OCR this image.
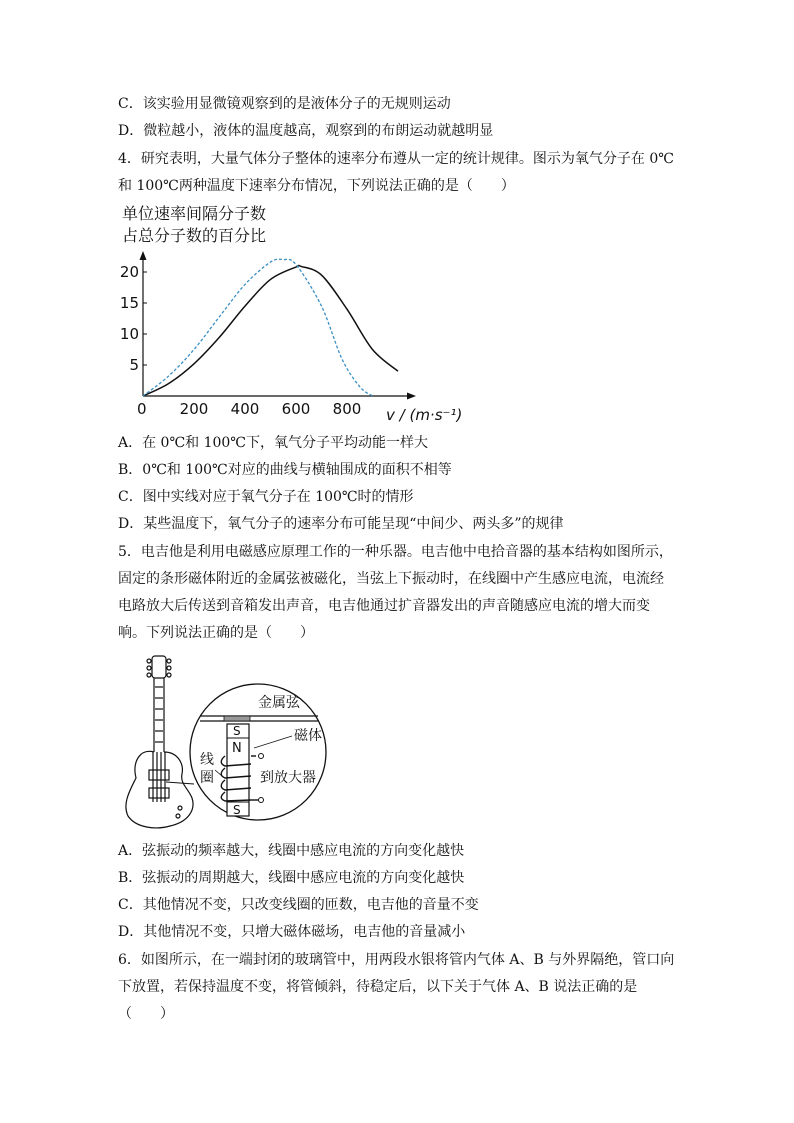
C．该实验用显微镜观察到的是液体分子的无规则运动
D．微粒越小，液体的温度越高，观察到的布朗运动就越明显
4．研究表明，大量气体分子整体的速率分布遵从一定的统计规律。图示为氧气分子在 0℃
和 100℃两种温度下速率分布情况，下列说法正确的是（　　）
单位速率间隔分子数
占总分子数的百分比
0 200 400 600 800
5
10
15
20
v / (m·s⁻¹)
A．在 0℃和 100℃下，氧气分子平均动能一样大
B．0℃和 100℃对应的曲线与横轴围成的面积不相等
C．图中实线对应于氧气分子在 100℃时的情形
D．某些温度下，氧气分子的速率分布可能呈现“中间少、两头多”的规律
5．电吉他是利用电磁感应原理工作的一种乐器。电吉他中电拾音器的基本结构如图所示，
固定的条形磁体附近的金属弦被磁化，当弦上下振动时，在线圈中产生感应电流，电流经
电路放大后传送到音箱发出声音，电吉他通过扩音器发出的声音随感应电流的增大而变
响。下列说法正确的是（　　）
金属弦
S
N
S
磁体
线
圈	到放大器
A．弦振动的频率越大，线圈中感应电流的方向变化越快
B．弦振动的周期越大，线圈中感应电流的方向变化越快
C．其他情况不变，只改变线圈的匝数，电吉他的音量不变
D．其他情况不变，只增大磁体磁场，电吉他的音量减小
6．如图所示，在一端封闭的玻璃管中，用两段水银将管内气体 A、B 与外界隔绝，管口向
下放置，若保持温度不变，将管倾斜，待稳定后，以下关于气体 A、B 说法正确的是
（　　）
